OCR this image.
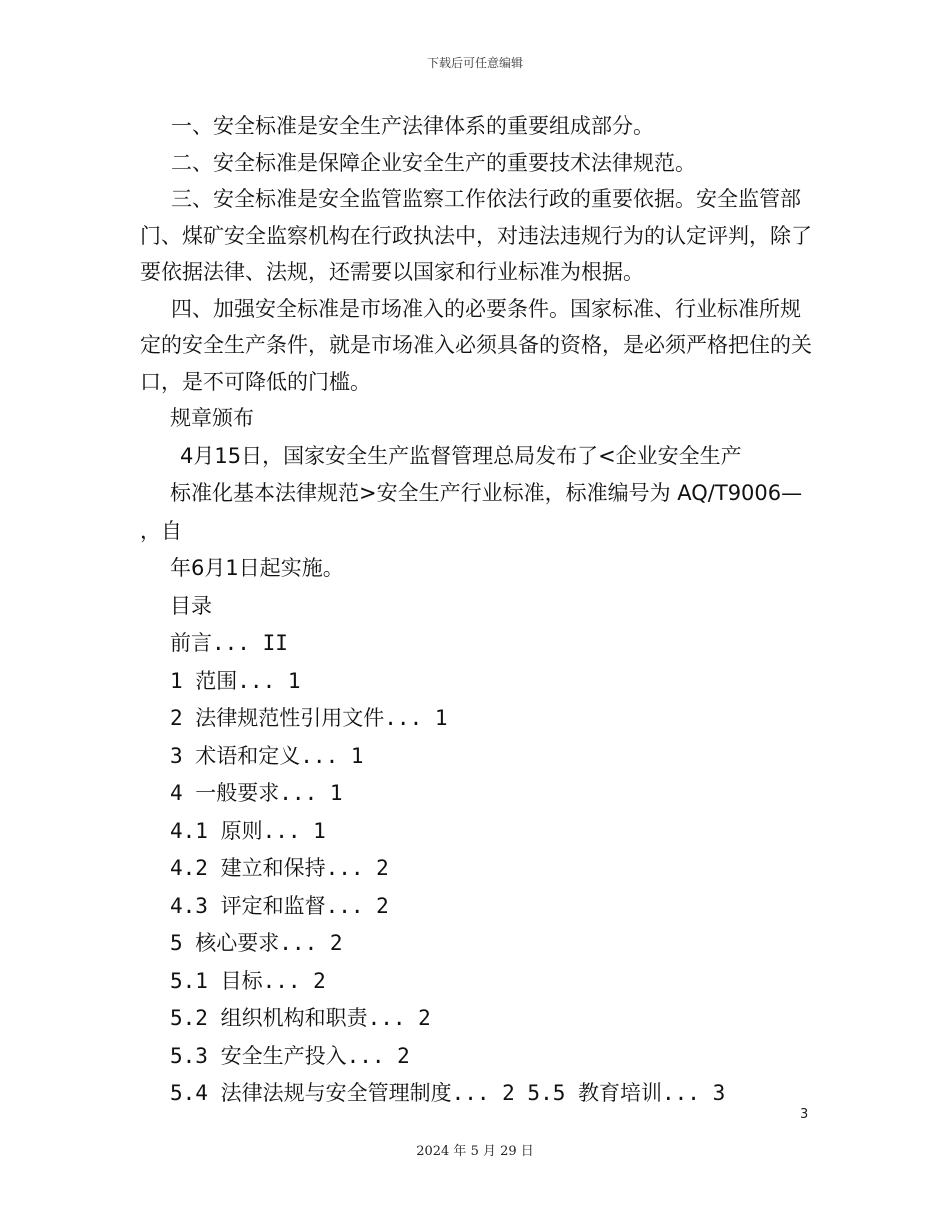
下载后可任意编辑

一、安全标准是安全生产法律体系的重要组成部分。

二、安全标准是保障企业安全生产的重要技术法律规范。

三、安全标准是安全监管监察工作依法行政的重要依据。安全监管部门、煤矿安全监察机构在行政执法中，对违法违规行为的认定评判，除了要依据法律、法规，还需要以国家和行业标准为根据。

四、加强安全标准是市场准入的必要条件。国家标准、行业标准所规定的安全生产条件，就是市场准入必须具备的资格，是必须严格把住的关口，是不可降低的门槛。

规章颁布

4月15日，国家安全生产监督管理总局发布了<企业安全生产

标准化基本法律规范>安全生产行业标准，标准编号为 AQ/T9006—

，自

年6月1日起实施。

目录

前言... II

1 范围... 1

2 法律规范性引用文件... 1

3 术语和定义... 1

4 一般要求... 1

4.1 原则... 1

4.2 建立和保持... 2

4.3 评定和监督... 2

5 核心要求... 2

5.1 目标... 2

5.2 组织机构和职责... 2

5.3 安全生产投入... 2

5.4 法律法规与安全管理制度... 2 5.5 教育培训... 3

3
2024 年 5 月 29 日
